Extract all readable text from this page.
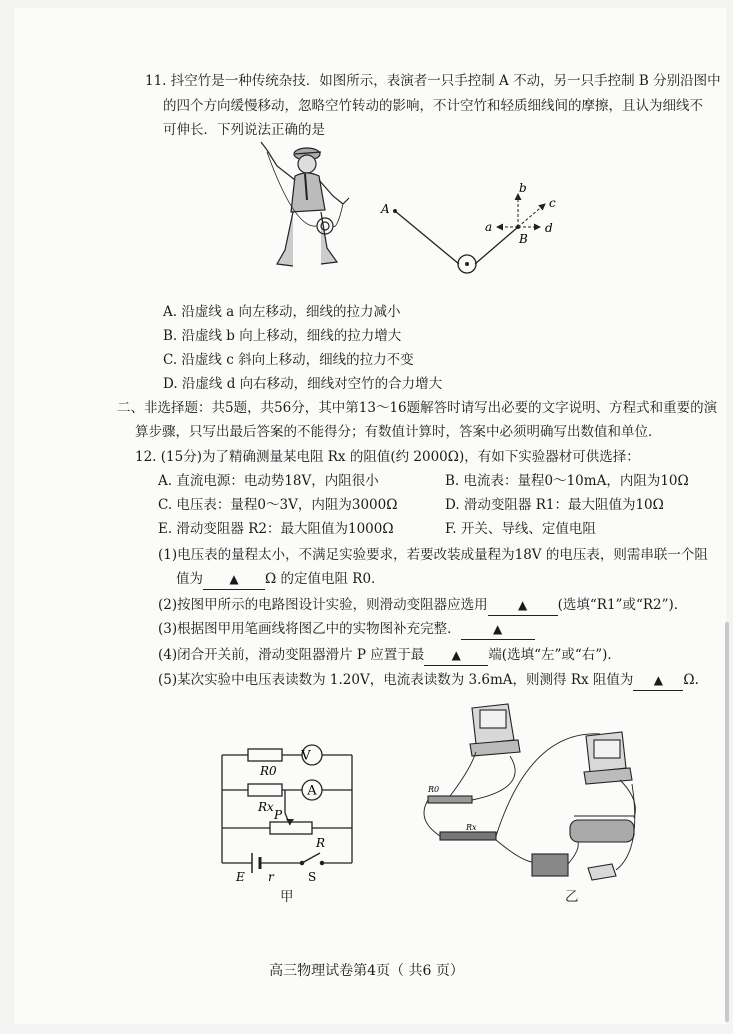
11. 抖空竹是一种传统杂技．如图所示，表演者一只手控制 A 不动，另一只手控制 B 分别沿图中
的四个方向缓慢移动，忽略空竹转动的影响，不计空竹和轻质细线间的摩擦，且认为细线不
可伸长．下列说法正确的是
A
B
a
b
c
d
A. 沿虚线 a 向左移动，细线的拉力减小
B. 沿虚线 b 向上移动，细线的拉力增大
C. 沿虚线 c 斜向上移动，细线的拉力不变
D. 沿虚线 d 向右移动，细线对空竹的合力增大
二、非选择题：共5题，共56分，其中第13～16题解答时请写出必要的文字说明、方程式和重要的演
算步骤，只写出最后答案的不能得分；有数值计算时，答案中必须明确写出数值和单位．
12. (15分)为了精确测量某电阻 Rx 的阻值(约 2000Ω)，有如下实验器材可供选择：
A. 直流电源：电动势18V，内阻很小	B. 电流表：量程0～10mA，内阻为10Ω
C. 电压表：量程0～3V，内阻为3000Ω	D. 滑动变阻器 R1：最大阻值为10Ω
E. 滑动变阻器 R2：最大阻值为1000Ω	F. 开关、导线、定值电阻
(1)电压表的量程太小，不满足实验要求，若要改装成量程为18V 的电压表，则需串联一个阻
值为 ▲ Ω 的定值电阻 R0．
(2)按图甲所示的电路图设计实验，则滑动变阻器应选用	▲ (选填“R1”或“R2”)．
(3)根据图甲用笔画线将图乙中的实物图补充完整．	▲
(4)闭合开关前，滑动变阻器滑片 P 应置于最 ▲ 端(选填“左”或“右”)．
(5)某次实验中电压表读数为 1.20V，电流表读数为 3.6mA，则测得 Rx 阻值为 ▲ Ω.
V
A
R0
Rx
P
R
E r	S
甲
R0
Rx
乙
高三物理试卷第4页（ 共6 页）
